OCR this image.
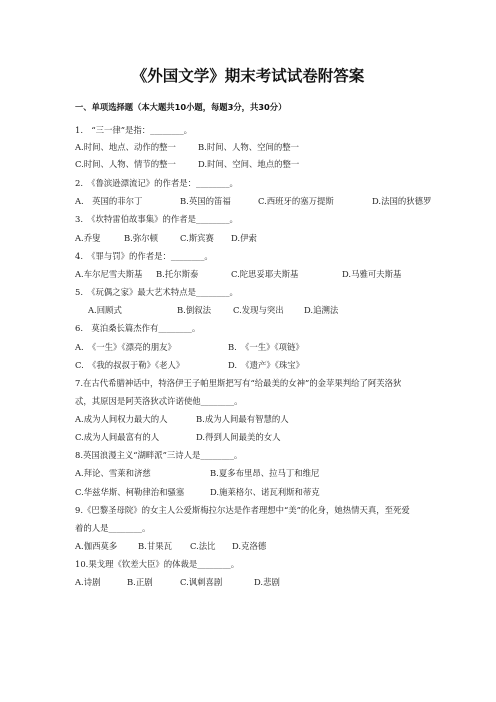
《外国文学》期末考试试卷附答案
一、单项选择题（本大题共10小题，每题3分，共30分）
1.　“三一律”是指：________。
A.时间、地点、动作的整一	B.时间、人物、空间的整一
C.时间、人物、情节的整一	D.时间、空间、地点的整一
2.　《鲁滨逊漂流记》的作者是：________。
A.　英国的菲尔丁	B.英国的笛福	C.西班牙的塞万提斯	D.法国的狄德罗
3.　《坎特雷伯故事集》的作者是________。
A.乔叟	B.弥尔顿	C.斯宾赛 D.伊索
4.　《罪与罚》的作者是：________。
A.车尔尼雪夫斯基 B.托尔斯泰	C.陀思妥耶夫斯基	D.马雅可夫斯基
5.　《玩偶之家》最大艺术特点是________。
A.回顾式	B.倒叙法	C.发现与突出 D.追溯法
6.　莫泊桑长篇杰作有________。
A.　《一生》《漂亮的朋友》	B.　《一生》《项链》
C.　《我的叔叔于勒》《老人》	D.　《遗产》《珠宝》
7.在古代希腊神话中，特洛伊王子帕里斯把写有“给最美的女神”的金苹果判给了阿芙洛狄
忒，其原因是阿芙洛狄忒许诺使他________。
A.成为人间权力最大的人	B.成为人间最有智慧的人
C.成为人间最富有的人	D.得到人间最美的女人
8.英国浪漫主义“湖畔派”三诗人是________。
A.拜论、雪莱和济慈	B.夏多布里昂、拉马丁和维尼
C.华兹华斯、柯勒律治和骚塞	D.施莱格尔、诺瓦利斯和蒂克
9.《巴黎圣母院》的女主人公爱斯梅拉尔达是作者理想中“美”的化身，她热情天真，至死爱
着的人是________。
A.伽西莫多 B.甘果瓦 C.法比 D.克洛德
10.果戈理《钦差大臣》的体裁是________。
A.诗剧	B.正剧	C.讽刺喜剧	D.悲剧
